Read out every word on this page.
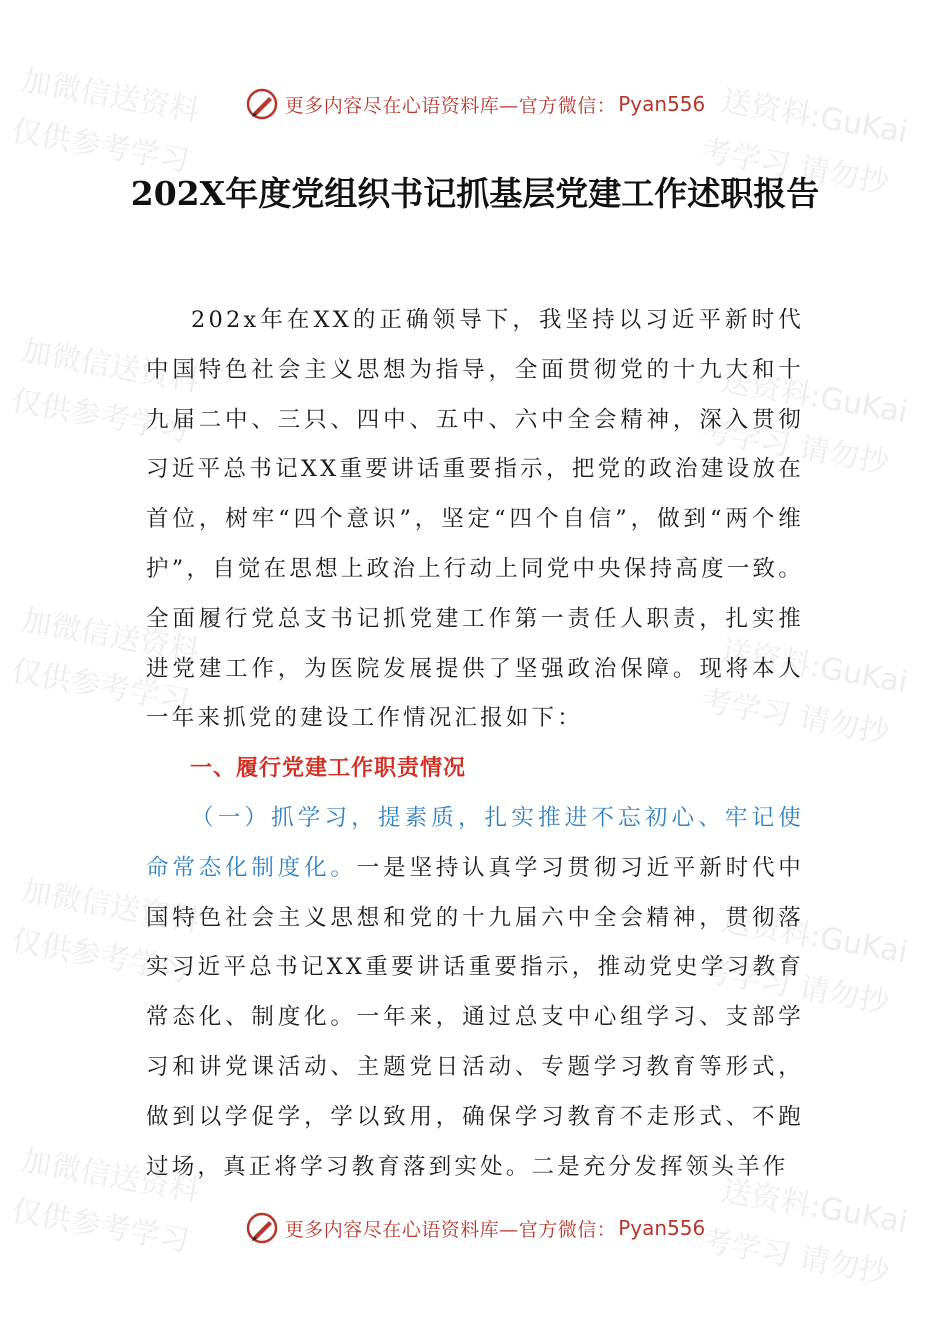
加微信送资料
仅供参考学习	送资料:GuKai
考学习 请勿抄
加微信送资料
仅供参考学习	送资料:GuKai
考学习 请勿抄
加微信送资料
仅供参考学习	送资料:GuKai
考学习 请勿抄
加微信送资料
仅供参考学习	送资料:GuKai
考学习 请勿抄
加微信送资料
仅供参考学习	送资料:GuKai
考学习 请勿抄
更多内容尽在心语资料库—官方微信： Pyan556
202X年度党组织书记抓基层党建工作述职报告

202x年在XX的正确领导下，我坚持以习近平新时代中国特色社会主义思想为指导，全面贯彻党的十九大和十九届二中、三只、四中、五中、六中全会精神，深入贯彻习近平总书记XX重要讲话重要指示，把党的政治建设放在首位，树牢“四个意识”，坚定“四个自信”，做到“两个维护”，自觉在思想上政治上行动上同党中央保持高度一致。全面履行党总支书记抓党建工作第一责任人职责，扎实推进党建工作，为医院发展提供了坚强政治保障。现将本人一年来抓党的建设工作情况汇报如下：

一、履行党建工作职责情况

（一）抓学习，提素质，扎实推进不忘初心、牢记使命常态化制度化。一是坚持认真学习贯彻习近平新时代中国特色社会主义思想和党的十九届六中全会精神，贯彻落实习近平总书记XX重要讲话重要指示，推动党史学习教育常态化、制度化。一年来，通过总支中心组学习、支部学习和讲党课活动、主题党日活动、专题学习教育等形式，做到以学促学，学以致用，确保学习教育不走形式、不跑过场，真正将学习教育落到实处。二是充分发挥领头羊作

更多内容尽在心语资料库—官方微信： Pyan556
